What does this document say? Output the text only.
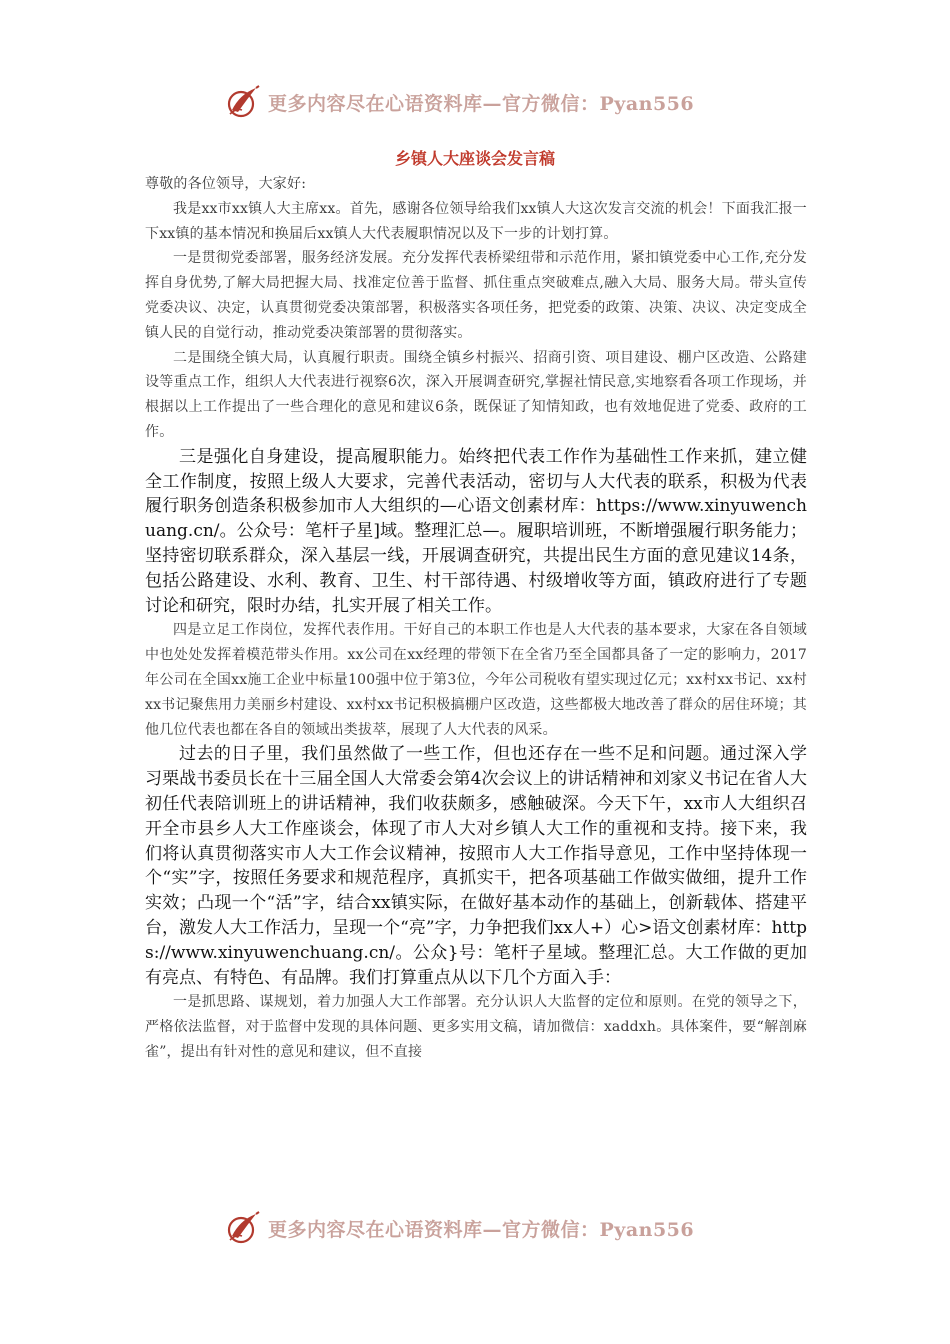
更多内容尽在心语资料库—官方微信：Pyan556
乡镇人大座谈会发言稿

尊敬的各位领导，大家好:

我是xx市xx镇人大主席xx。首先，感谢各位领导给我们xx镇人大这次发言交流的机会！下面我汇报一下xx镇的基本情况和换届后xx镇人大代表履职情况以及下一步的计划打算。

一是贯彻党委部署，服务经济发展。充分发挥代表桥梁纽带和示范作用，紧扣镇党委中心工作,充分发挥自身优势,了解大局把握大局、找准定位善于监督、抓住重点突破难点,融入大局、服务大局。带头宣传党委决议、决定，认真贯彻党委决策部署，积极落实各项任务，把党委的政策、决策、决议、决定变成全镇人民的自觉行动，推动党委决策部署的贯彻落实。

二是围绕全镇大局，认真履行职责。围绕全镇乡村振兴、招商引资、项目建设、棚户区改造、公路建设等重点工作，组织人大代表进行视察6次，深入开展调查研究,掌握社情民意,实地察看各项工作现场，并根据以上工作提出了一些合理化的意见和建议6条，既保证了知情知政，也有效地促进了党委、政府的工作。

三是强化自身建设，提高履职能力。始终把代表工作作为基础性工作来抓，建立健全工作制度，按照上级人大要求，完善代表活动，密切与人大代表的联系，积极为代表履行职务创造条积极参加市人大组织的—心语文创素材库：https://www.xinyuwenchuang.cn/。公众号：笔杆子星]域。整理汇总—。履职培训班，不断增强履行职务能力；坚持密切联系群众，深入基层一线，开展调查研究，共提出民生方面的意见建议14条，包括公路建设、水利、教育、卫生、村干部待遇、村级增收等方面，镇政府进行了专题讨论和研究，限时办结，扎实开展了相关工作。

四是立足工作岗位，发挥代表作用。干好自己的本职工作也是人大代表的基本要求，大家在各自领域中也处处发挥着模范带头作用。xx公司在xx经理的带领下在全省乃至全国都具备了一定的影响力，2017年公司在全国xx施工企业中标量100强中位于第3位，今年公司税收有望实现过亿元；xx村xx书记、xx村xx书记聚焦用力美丽乡村建设、xx村xx书记积极搞棚户区改造，这些都极大地改善了群众的居住环境；其他几位代表也都在各自的领域出类拔萃，展现了人大代表的风采。

过去的日子里，我们虽然做了一些工作，但也还存在一些不足和问题。通过深入学习栗战书委员长在十三届全国人大常委会第4次会议上的讲话精神和刘家义书记在省人大初任代表陪训班上的讲话精神，我们收获颇多，感触破深。今天下午，xx市人大组织召开全市县乡人大工作座谈会，体现了市人大对乡镇人大工作的重视和支持。接下来，我们将认真贯彻落实市人大工作会议精神，按照市人大工作指导意见，工作中坚持体现一个“实”字，按照任务要求和规范程序，真抓实干，把各项基础工作做实做细，提升工作实效；凸现一个“活”字，结合xx镇实际，在做好基本动作的基础上，创新载体、搭建平台，激发人大工作活力，呈现一个“亮”字，力争把我们xx人+）心>语文创素材库：https://www.xinyuwenchuang.cn/。公众}号：笔杆子星域。整理汇总。大工作做的更加有亮点、有特色、有品牌。我们打算重点从以下几个方面入手：

一是抓思路、谋规划，着力加强人大工作部署。充分认识人大监督的定位和原则。在党的领导之下，严格依法监督，对于监督中发现的具体问题、更多实用文稿，请加微信：xaddxh。具体案件，要“解剖麻雀”，提出有针对性的意见和建议，但不直接

更多内容尽在心语资料库—官方微信：Pyan556
